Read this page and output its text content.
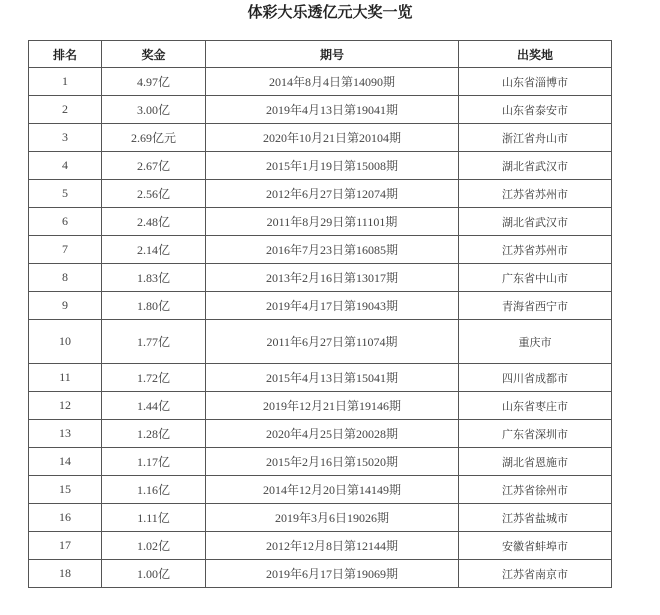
体彩大乐透亿元大奖一览
排名	奖金	期号	出奖地
1	4.97亿	2014年8月4日第14090期	山东省淄博市
2	3.00亿	2019年4月13日第19041期	山东省泰安市
3	2.69亿元	2020年10月21日第20104期	浙江省舟山市
4	2.67亿	2015年1月19日第15008期	湖北省武汉市
5	2.56亿	2012年6月27日第12074期	江苏省苏州市
6	2.48亿	2011年8月29日第11101期	湖北省武汉市
7	2.14亿	2016年7月23日第16085期	江苏省苏州市
8	1.83亿	2013年2月16日第13017期	广东省中山市
9	1.80亿	2019年4月17日第19043期	青海省西宁市
10	1.77亿	2011年6月27日第11074期	重庆市
11	1.72亿	2015年4月13日第15041期	四川省成都市
12	1.44亿	2019年12月21日第19146期	山东省枣庄市
13	1.28亿	2020年4月25日第20028期	广东省深圳市
14	1.17亿	2015年2月16日第15020期	湖北省恩施市
15	1.16亿	2014年12月20日第14149期	江苏省徐州市
16	1.11亿	2019年3月6日19026期	江苏省盐城市
17	1.02亿	2012年12月8日第12144期	安徽省蚌埠市
18	1.00亿	2019年6月17日第19069期	江苏省南京市
